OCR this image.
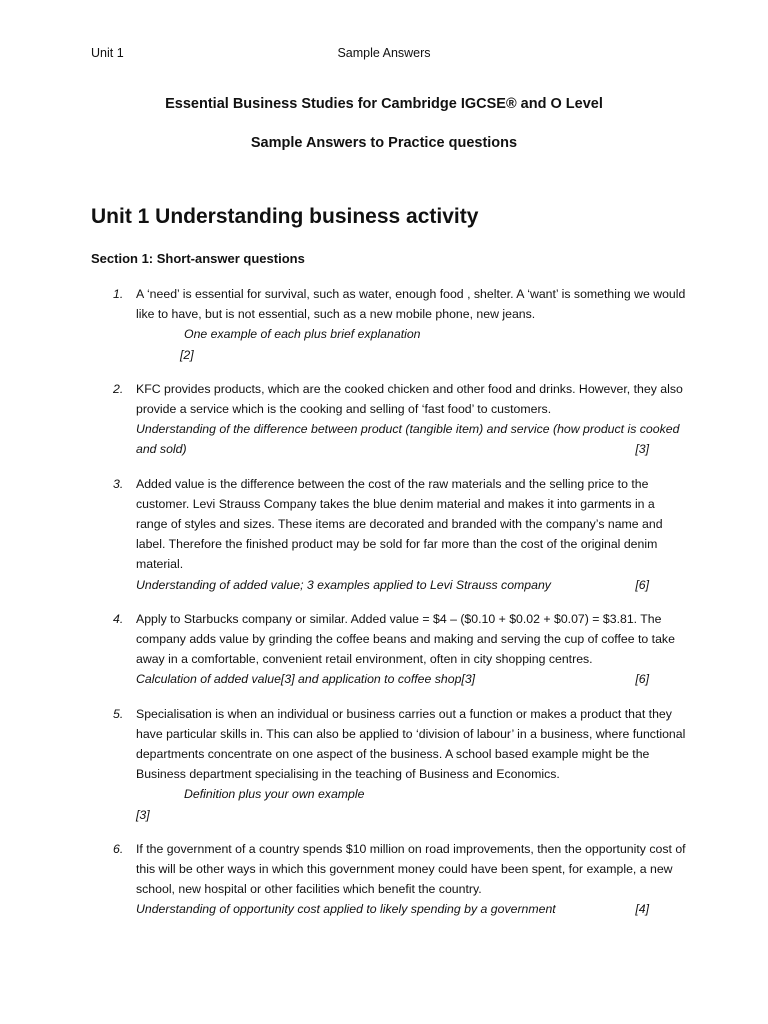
Unit 1	Sample Answers
Essential Business Studies for Cambridge IGCSE® and O Level
Sample Answers to Practice questions
Unit 1 Understanding business activity
Section 1: Short-answer questions
1. A ‘need’ is essential for survival, such as water, enough food , shelter. A ‘want’ is something we would like to have, but is not essential, such as a new mobile phone, new jeans.
One example of each plus brief explanation
[2]
2. KFC provides products, which are the cooked chicken and other food and drinks. However, they also provide a service which is the cooking and selling of ‘fast food’ to customers.
Understanding of the difference between product (tangible item) and service (how product is cooked and sold)	[3]
3. Added value is the difference between the cost of the raw materials and the selling price to the customer. Levi Strauss Company takes the blue denim material and makes it into garments in a range of styles and sizes. These items are decorated and branded with the company’s name and label. Therefore the finished product may be sold for far more than the cost of the original denim material.
Understanding of added value; 3 examples applied to Levi Strauss company	[6]
4. Apply to Starbucks company or similar. Added value = $4 – ($0.10 + $0.02 + $0.07) = $3.81. The company adds value by grinding the coffee beans and making and serving the cup of coffee to take away in a comfortable, convenient retail environment, often in city shopping centres.
Calculation of added value[3] and application to coffee shop[3]	[6]
5. Specialisation is when an individual or business carries out a function or makes a product that they have particular skills in. This can also be applied to ‘division of labour’ in a business, where functional departments concentrate on one aspect of the business. A school based example might be the Business department specialising in the teaching of Business and Economics.
Definition plus your own example
[3]
6. If the government of a country spends $10 million on road improvements, then the opportunity cost of this will be other ways in which this government money could have been spent, for example, a new school, new hospital or other facilities which benefit the country.
Understanding of opportunity cost applied to likely spending by a government	[4]
